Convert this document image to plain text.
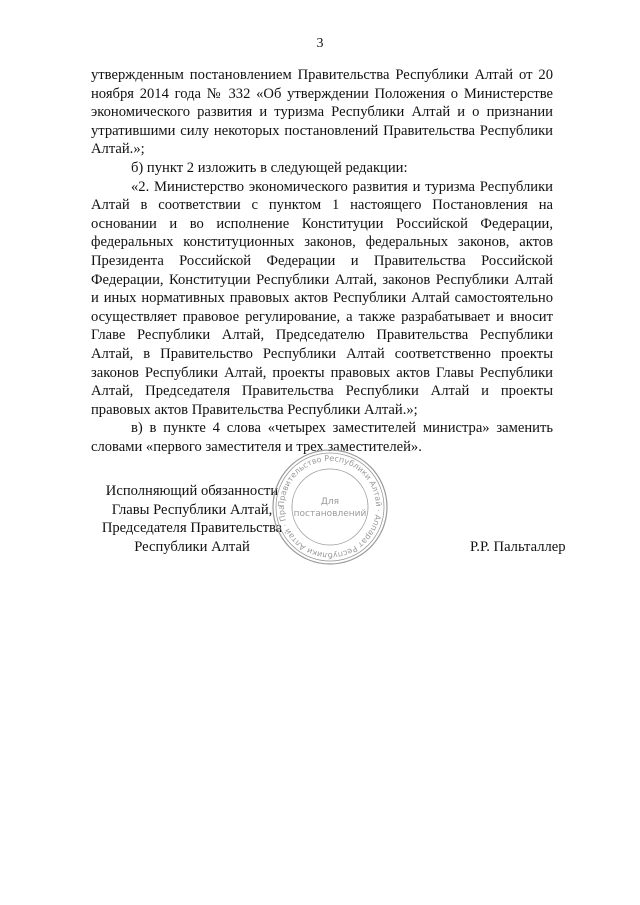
3

утвержденным постановлением Правительства Республики Алтай от 20 ноября 2014 года № 332 «Об утверждении Положения о Министерстве экономического развития и туризма Республики Алтай и о признании утратившими силу некоторых постановлений Правительства Республики Алтай.»;

б) пункт 2 изложить в следующей редакции:

«2. Министерство экономического развития и туризма Республики Алтай в соответствии с пунктом 1 настоящего Постановления на основании и во исполнение Конституции Российской Федерации, федеральных конституционных законов, федеральных законов, актов Президента Российской Федерации и Правительства Российской Федерации, Конституции Республики Алтай, законов Республики Алтай и иных нормативных правовых актов Республики Алтай самостоятельно осуществляет правовое регулирование, а также разрабатывает и вносит Главе Республики Алтай, Председателю Правительства Республики Алтай, в Правительство Республики Алтай соответственно проекты законов Республики Алтай, проекты правовых актов Главы Республики Алтай, Председателя Правительства Республики Алтай и проекты правовых актов Правительства Республики Алтай.»;

в) в пункте 4 слова «четырех заместителей министра» заменить словами «первого заместителя и трех заместителей».

Исполняющий обязанности
Главы Республики Алтай,
Председателя Правительства
Республики Алтай	Р.Р. Пальталлер
Правительство Республики Алтай · Аппарат Республики Алтай · Пра
Для
постановлений
